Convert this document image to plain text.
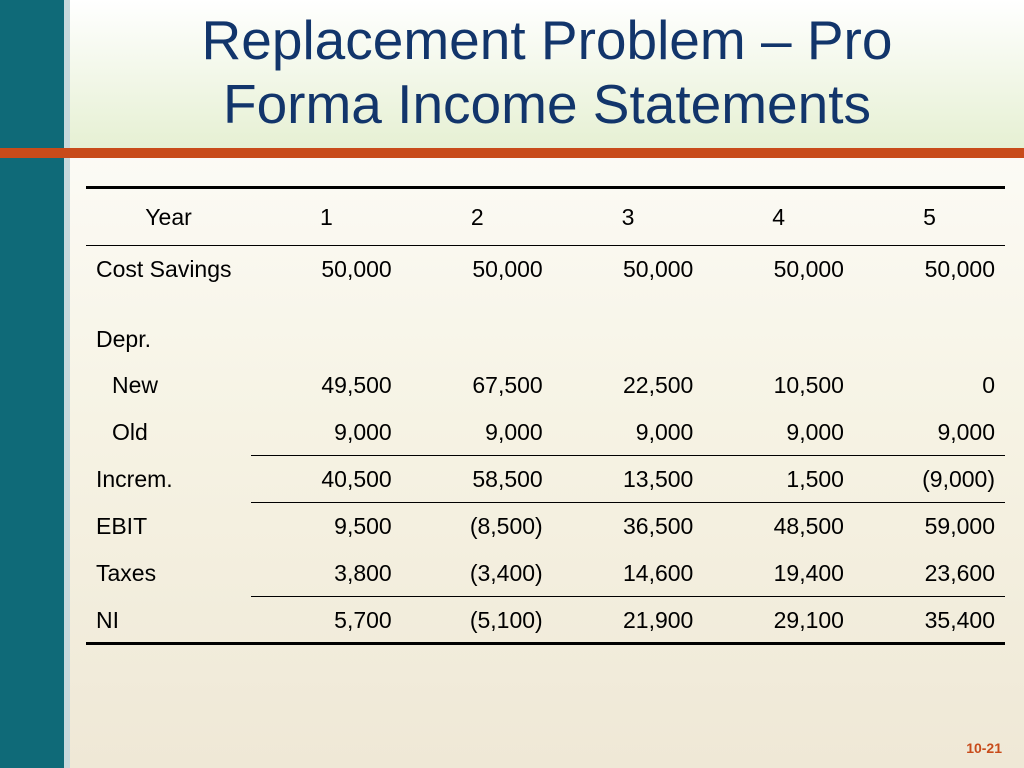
Replacement Problem – Pro
Forma Income Statements
Year	1	2	3	4	5
Cost Savings	50,000	50,000	50,000	50,000	50,000
Depr.					
New	49,500	67,500	22,500	10,500	0
Old	9,000	9,000	9,000	9,000	9,000
Increm.	40,500	58,500	13,500	1,500	(9,000)
EBIT	9,500	(8,500)	36,500	48,500	59,000
Taxes	3,800	(3,400)	14,600	19,400	23,600
NI	5,700	(5,100)	21,900	29,100	35,400
10-21
